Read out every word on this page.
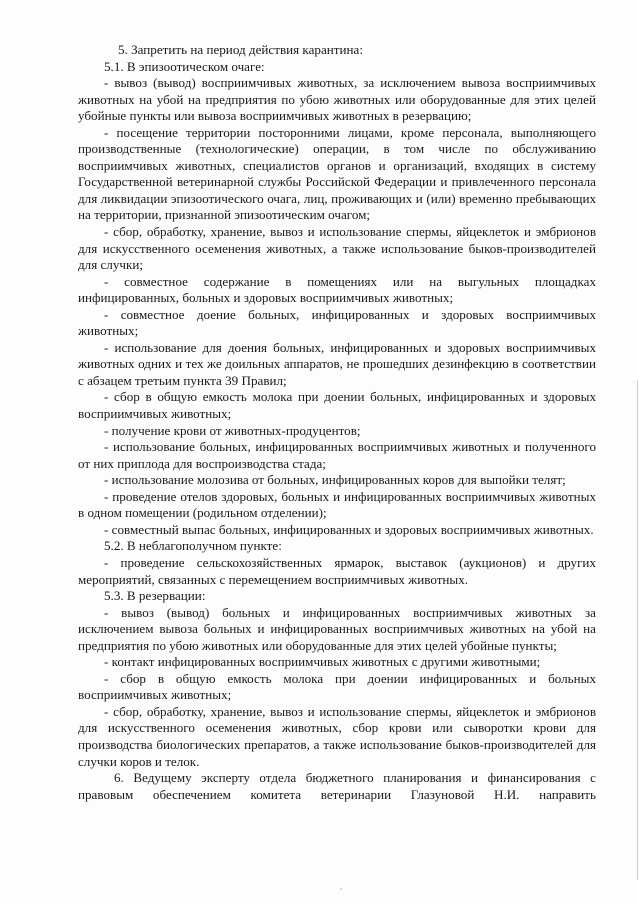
5. Запретить на период действия карантина:

5.1. В эпизоотическом очаге:

- вывоз (вывод) восприимчивых животных, за исключением вывоза восприимчивых животных на убой на предприятия по убою животных или оборудованные для этих целей убойные пункты или вывоза восприимчивых животных в резервацию;

- посещение территории посторонними лицами, кроме персонала, выполняющего производственные (технологические) операции, в том числе по обслуживанию восприимчивых животных, специалистов органов и организаций, входящих в систему Государственной ветеринарной службы Российской Федерации и привлеченного персонала для ликвидации эпизоотического очага, лиц, проживающих и (или) временно пребывающих на территории, признанной эпизоотическим очагом;

- сбор, обработку, хранение, вывоз и использование спермы, яйцеклеток и эмбрионов для искусственного осеменения животных, а также использование быков-производителей для случки;

- совместное содержание в помещениях или на выгульных площадках инфицированных, больных и здоровых восприимчивых животных;

- совместное доение больных, инфицированных и здоровых восприимчивых животных;

- использование для доения больных, инфицированных и здоровых восприимчивых животных одних и тех же доильных аппаратов, не прошедших дезинфекцию в соответствии с абзацем третьим пункта 39 Правил;

- сбор в общую емкость молока при доении больных, инфицированных и здоровых восприимчивых животных;

- получение крови от животных-продуцентов;

- использование больных, инфицированных восприимчивых животных и полученного от них приплода для воспроизводства стада;

- использование молозива от больных, инфицированных коров для выпойки телят;

- проведение отелов здоровых, больных и инфицированных восприимчивых животных в одном помещении (родильном отделении);

- совместный выпас больных, инфицированных и здоровых восприимчивых животных.

5.2. В неблагополучном пункте:

- проведение сельскохозяйственных ярмарок, выставок (аукционов) и других мероприятий, связанных с перемещением восприимчивых животных.

5.3. В резервации:

- вывоз (вывод) больных и инфицированных восприимчивых животных за исключением вывоза больных и инфицированных восприимчивых животных на убой на предприятия по убою животных или оборудованные для этих целей убойные пункты;

- контакт инфицированных восприимчивых животных с другими животными;

- сбор в общую емкость молока при доении инфицированных и больных восприимчивых животных;

- сбор, обработку, хранение, вывоз и использование спермы, яйцеклеток и эмбрионов для искусственного осеменения животных, сбор крови или сыворотки крови для производства биологических препаратов, а также использование быков-производителей для случки коров и телок.

6. Ведущему эксперту отдела бюджетного планирования и финансирования с правовым обеспечением комитета ветеринарии Глазуновой Н.И. направить
